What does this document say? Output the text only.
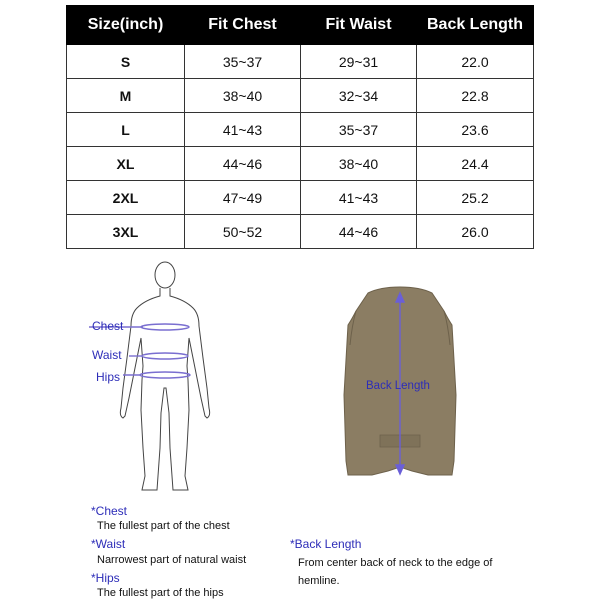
Size(inch)	Fit Chest	Fit Waist	Back Length
S	35~37	29~31	22.0
M	38~40	32~34	22.8
L	41~43	35~37	23.6
XL	44~46	38~40	24.4
2XL	47~49	41~43	25.2
3XL	50~52	44~46	26.0
Chest
Waist
Hips
Back Length
*Chest
The fullest part of the chest
*Waist
Narrowest part of natural waist
*Hips
The fullest part of the hips
*Back Length
From center back of neck to the edge of hemline.
